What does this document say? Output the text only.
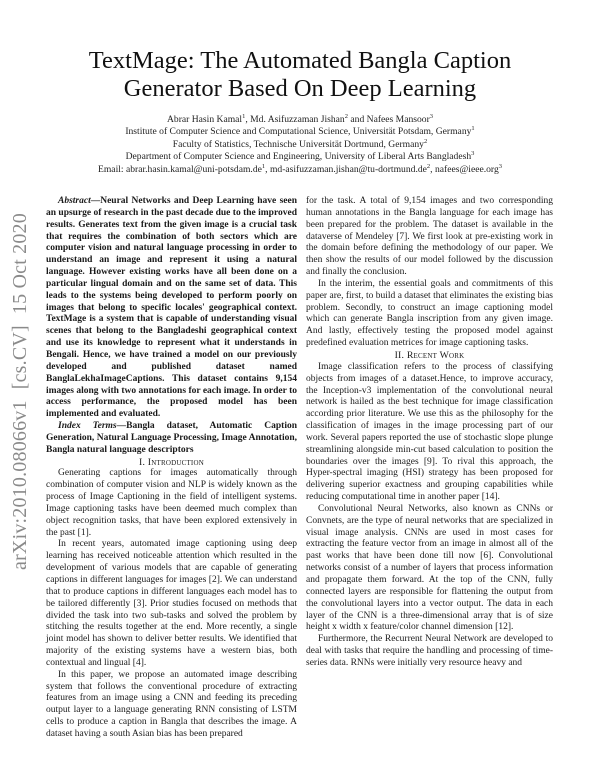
TextMage: The Automated Bangla Caption
Generator Based On Deep Learning
Abrar Hasin Kamal$^1$, Md. Asifuzzaman Jishan$^2$ and Nafees Mansoor$^3$
Institute of Computer Science and Computational Science, Universität Potsdam, Germany$^1$
Faculty of Statistics, Technische Universität Dortmund, Germany$^2$
Department of Computer Science and Engineering, University of Liberal Arts Bangladesh$^3$
Email: $abrar.hasin.kamal@uni-potsdam.de^1$, $md-asifuzzaman.jishan@tu-dortmund.de^2$, nafees@ieee.org$^3$
arXiv:2010.08066v1[cs.CV]15 Oct 2020

Abstract—Neural Networks and Deep Learning have seen an upsurge of research in the past decade due to the improved results. Generates text from the given image is a crucial task that requires the combination of both sectors which are computer vision and natural language processing in order to understand an image and represent it using a natural language. However existing works have all been done on a particular lingual domain and on the same set of data. This leads to the systems being developed to perform poorly on images that belong to specific locales' geographical context. TextMage is a system that is capable of understanding visual scenes that belong to the Bangladeshi geographical context and use its knowledge to represent what it understands in Bengali. Hence, we have trained a model on our previously developed and published dataset named BanglaLekhaImageCaptions. This dataset contains 9,154 images along with two annotations for each image. In order to access performance, the proposed model has been implemented and evaluated.

Index Terms—Bangla dataset, Automatic Caption Generation, Natural Language Processing, Image Annotation, Bangla natural language descriptors

I. Introduction

Generating captions for images automatically through combination of computer vision and NLP is widely known as the process of Image Captioning in the field of intelligent systems. Image captioning tasks have been deemed much complex than object recognition tasks, that have been explored extensively in the past [1].

In recent years, automated image captioning using deep learning has received noticeable attention which resulted in the development of various models that are capable of generating captions in different languages for images [2]. We can understand that to produce captions in different languages each model has to be tailored differently [3]. Prior studies focused on methods that divided the task into two sub-tasks and solved the problem by stitching the results together at the end. More recently, a single joint model has shown to deliver better results. We identified that majority of the existing systems have a western bias, both contextual and lingual [4].

In this paper, we propose an automated image describing system that follows the conventional procedure of extracting features from an image using a CNN and feeding its preceding output layer to a language generating RNN consisting of LSTM cells to produce a caption in Bangla that describes the image. A dataset having a south Asian bias has been prepared

for the task. A total of 9,154 images and two corresponding human annotations in the Bangla language for each image has been prepared for the problem. The dataset is available in the dataverse of Mendeley [7]. We first look at pre-existing work in the domain before defining the methodology of our paper. We then show the results of our model followed by the discussion and finally the conclusion.

In the interim, the essential goals and commitments of this paper are, first, to build a dataset that eliminates the existing bias problem. Secondly, to construct an image captioning model which can generate Bangla inscription from any given image. And lastly, effectively testing the proposed model against predefined evaluation metrices for image captioning tasks.

II. Recent Work

Image classification refers to the process of classifying objects from images of a dataset.Hence, to improve accuracy, the Inception-v3 implementation of the convolutional neural network is hailed as the best technique for image classification according prior literature. We use this as the philosophy for the classification of images in the image processing part of our work. Several papers reported the use of stochastic slope plunge streamlining alongside min-cut based calculation to position the boundaries over the images [9]. To rival this approach, the Hyper-spectral imaging (HSI) strategy has been proposed for delivering superior exactness and grouping capabilities while reducing computational time in another paper [14].

Convolutional Neural Networks, also known as CNNs or Convnets, are the type of neural networks that are specialized in visual image analysis. CNNs are used in most cases for extracting the feature vector from an image in almost all of the past works that have been done till now [6]. Convolutional networks consist of a number of layers that process information and propagate them forward. At the top of the CNN, fully connected layers are responsible for flattening the output from the convolutional layers into a vector output. The data in each layer of the CNN is a three-dimensional array that is of size height x width x feature/color channel dimension [12].

Furthermore, the Recurrent Neural Network are developed to deal with tasks that require the handling and processing of time-series data. RNNs were initially very resource heavy and
